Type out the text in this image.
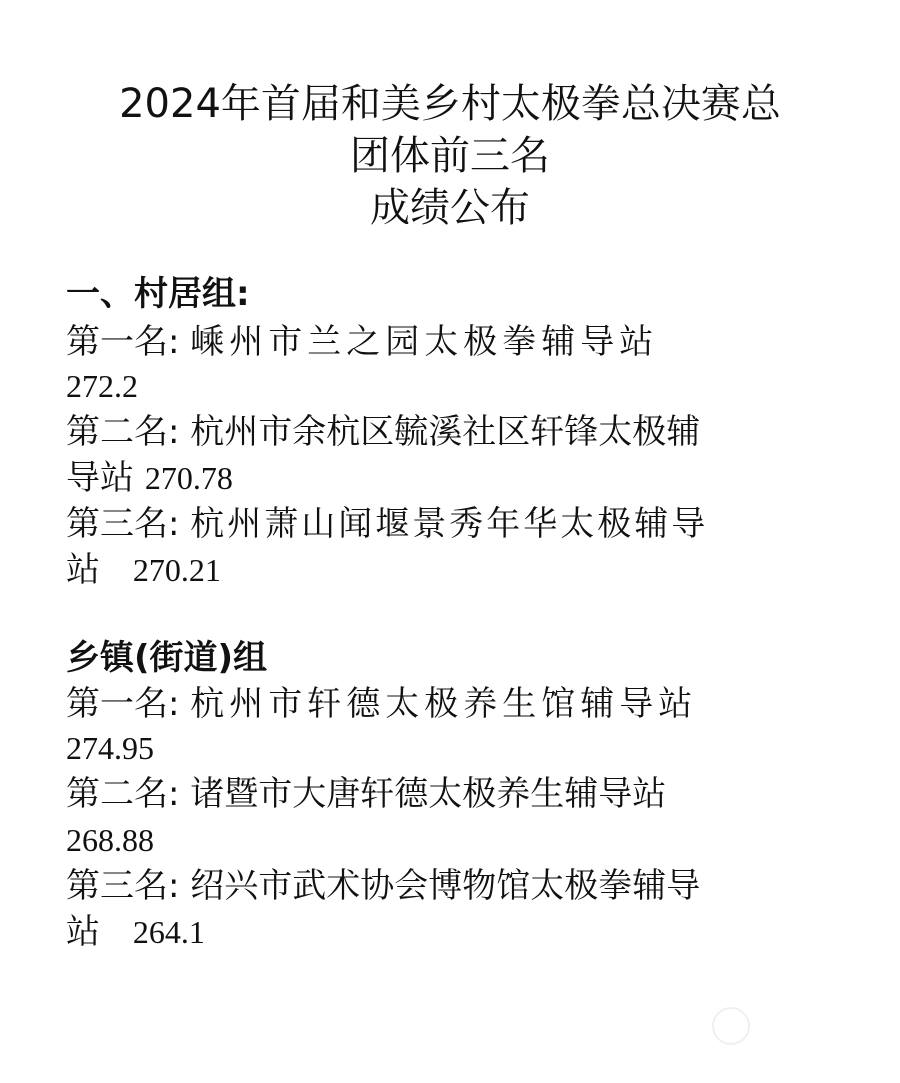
2024年首届和美乡村太极拳总决赛总
团体前三名
成绩公布
一、村居组:
第一名: 嵊州市兰之园太极拳辅导站
272.2
第二名: 杭州市余杭区毓溪社区轩锋太极辅
导站 270.78
第三名: 杭州萧山闻堰景秀年华太极辅导
站 270.21
乡镇(街道)组
第一名: 杭州市轩德太极养生馆辅导站
274.95
第二名: 诸暨市大唐轩德太极养生辅导站
268.88
第三名: 绍兴市武术协会博物馆太极拳辅导
站 264.1
